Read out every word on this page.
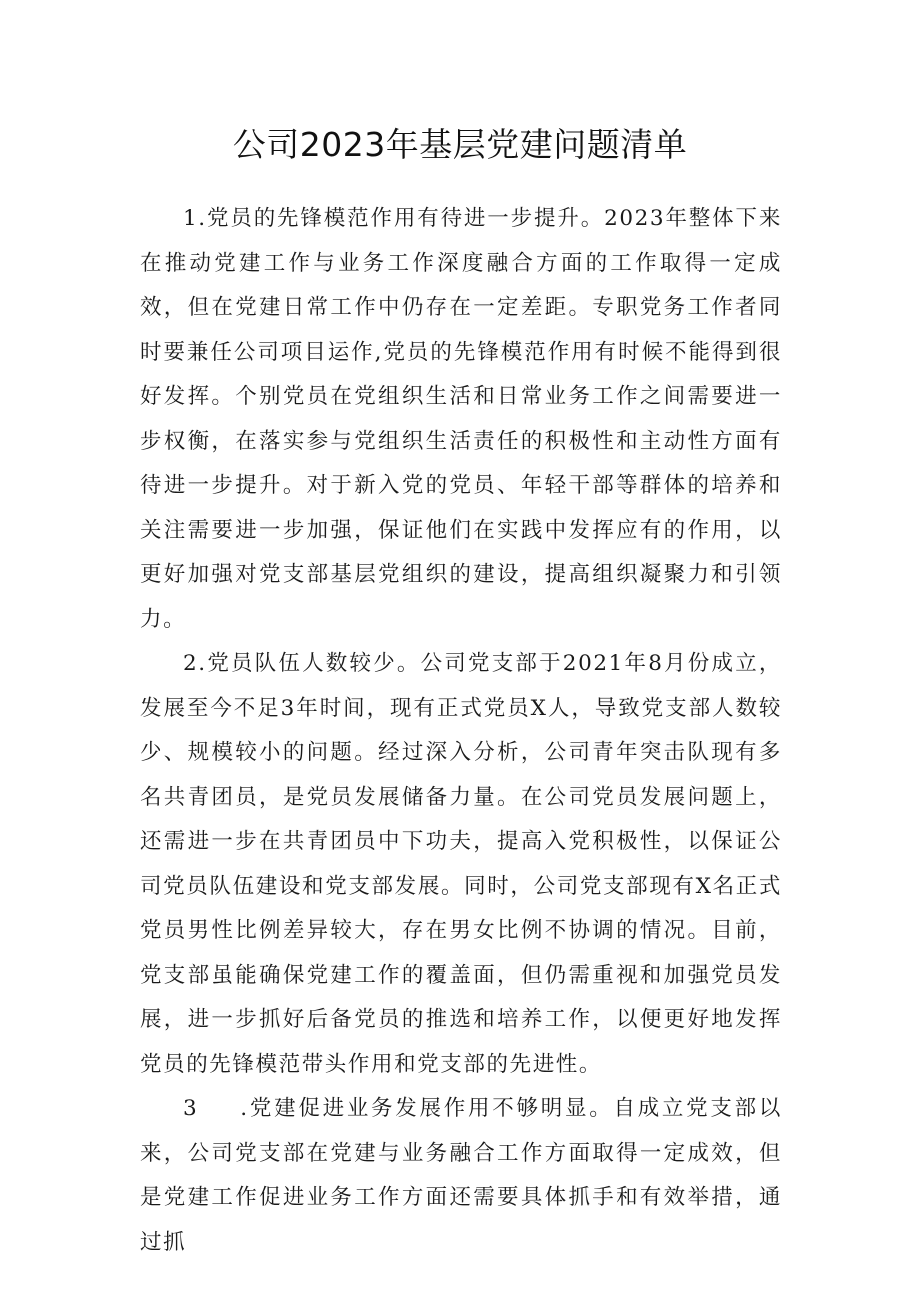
公司2023年基层党建问题清单

1.党员的先锋模范作用有待进一步提升。2023年整体下来在推动党建工作与业务工作深度融合方面的工作取得一定成效，但在党建日常工作中仍存在一定差距。专职党务工作者同时要兼任公司项目运作,党员的先锋模范作用有时候不能得到很好发挥。个别党员在党组织生活和日常业务工作之间需要进一步权衡，在落实参与党组织生活责任的积极性和主动性方面有待进一步提升。对于新入党的党员、年轻干部等群体的培养和关注需要进一步加强，保证他们在实践中发挥应有的作用，以更好加强对党支部基层党组织的建设，提高组织凝聚力和引领力。

2.党员队伍人数较少。公司党支部于2021年8月份成立，发展至今不足3年时间，现有正式党员X人，导致党支部人数较少、规模较小的问题。经过深入分析，公司青年突击队现有多名共青团员，是党员发展储备力量。在公司党员发展问题上，还需进一步在共青团员中下功夫，提高入党积极性，以保证公司党员队伍建设和党支部发展。同时，公司党支部现有X名正式党员男性比例差异较大，存在男女比例不协调的情况。目前，党支部虽能确保党建工作的覆盖面，但仍需重视和加强党员发展，进一步抓好后备党员的推选和培养工作，以便更好地发挥党员的先锋模范带头作用和党支部的先进性。

3 .党建促进业务发展作用不够明显。自成立党支部以来，公司党支部在党建与业务融合工作方面取得一定成效，但是党建工作促进业务工作方面还需要具体抓手和有效举措，通过抓
